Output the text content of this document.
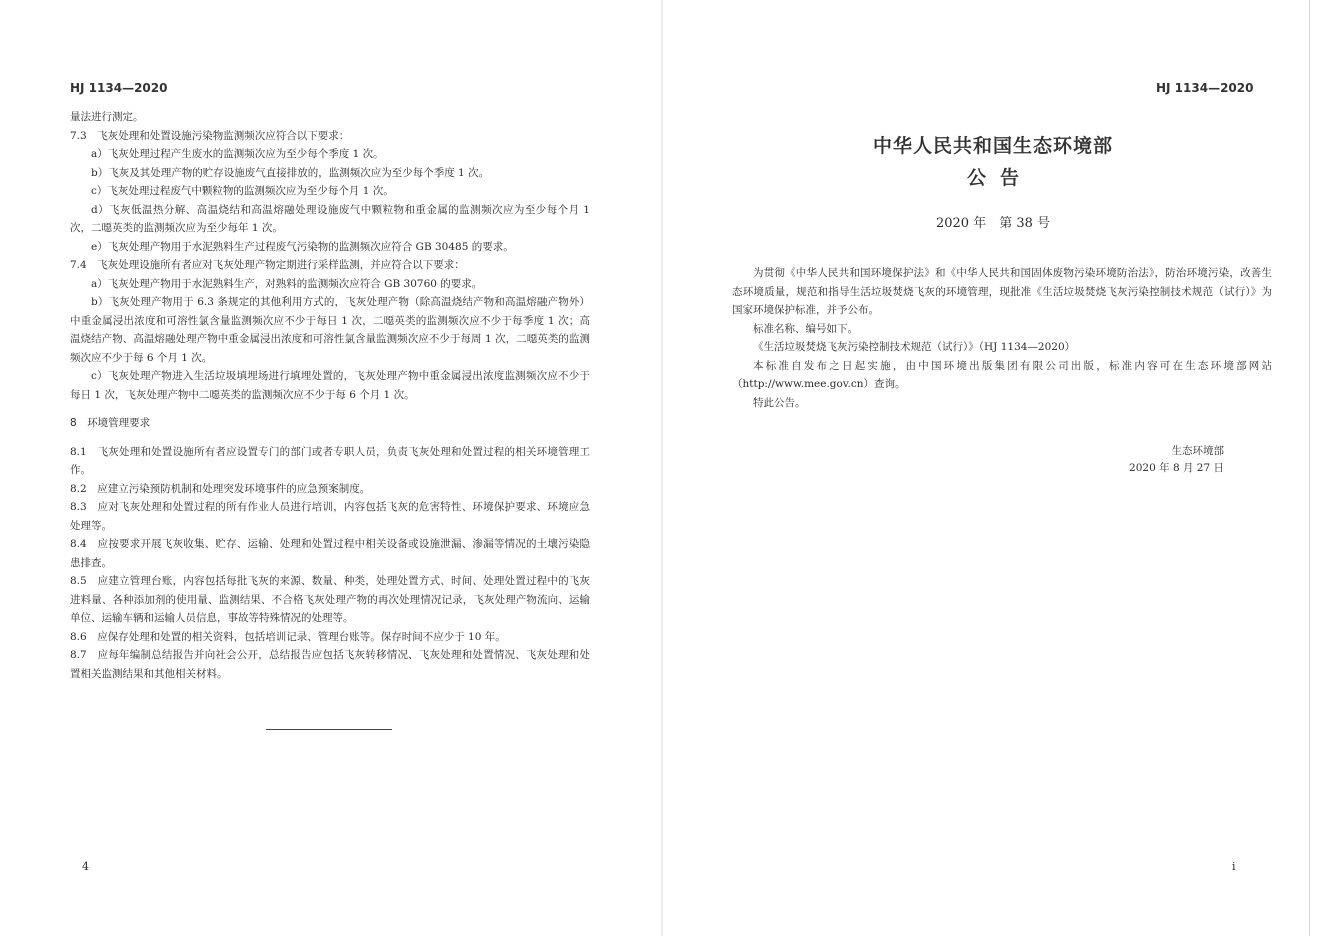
HJ 1134—2020

量法进行测定。

7.3　飞灰处理和处置设施污染物监测频次应符合以下要求：

a）飞灰处理过程产生废水的监测频次应为至少每个季度 1 次。

b）飞灰及其处理产物的贮存设施废气直接排放的，监测频次应为至少每个季度 1 次。

c）飞灰处理过程废气中颗粒物的监测频次应为至少每个月 1 次。

d）飞灰低温热分解、高温烧结和高温熔融处理设施废气中颗粒物和重金属的监测频次应为至少每个月 1 次，二噁英类的监测频次应为至少每年 1 次。

e）飞灰处理产物用于水泥熟料生产过程废气污染物的监测频次应符合 GB 30485 的要求。

7.4　飞灰处理设施所有者应对飞灰处理产物定期进行采样监测，并应符合以下要求：

a）飞灰处理产物用于水泥熟料生产，对熟料的监测频次应符合 GB 30760 的要求。

b）飞灰处理产物用于 6.3 条规定的其他利用方式的，飞灰处理产物（除高温烧结产物和高温熔融产物外）中重金属浸出浓度和可溶性氯含量监测频次应不少于每日 1 次，二噁英类的监测频次应不少于每季度 1 次；高温烧结产物、高温熔融处理产物中重金属浸出浓度和可溶性氯含量监测频次应不少于每周 1 次，二噁英类的监测频次应不少于每 6 个月 1 次。

c）飞灰处理产物进入生活垃圾填埋场进行填埋处置的，飞灰处理产物中重金属浸出浓度监测频次应不少于每日 1 次，飞灰处理产物中二噁英类的监测频次应不少于每 6 个月 1 次。

8　环境管理要求

8.1　飞灰处理和处置设施所有者应设置专门的部门或者专职人员，负责飞灰处理和处置过程的相关环境管理工作。

8.2　应建立污染预防机制和处理突发环境事件的应急预案制度。

8.3　应对飞灰处理和处置过程的所有作业人员进行培训，内容包括飞灰的危害特性、环境保护要求、环境应急处理等。

8.4　应按要求开展飞灰收集、贮存、运输、处理和处置过程中相关设备或设施泄漏、渗漏等情况的土壤污染隐患排查。

8.5　应建立管理台账，内容包括每批飞灰的来源、数量、种类，处理处置方式、时间、处理处置过程中的飞灰进料量、各种添加剂的使用量、监测结果、不合格飞灰处理产物的再次处理情况记录，飞灰处理产物流向、运输单位、运输车辆和运输人员信息，事故等特殊情况的处理等。

8.6　应保存处理和处置的相关资料，包括培训记录、管理台账等。保存时间不应少于 10 年。

8.7　应每年编制总结报告并向社会公开，总结报告应包括飞灰转移情况、飞灰处理和处置情况、飞灰处理和处置相关监测结果和其他相关材料。

4
HJ 1134—2020
中华人民共和国生态环境部
公告
2020 年　第 38 号

为贯彻《中华人民共和国环境保护法》和《中华人民共和国固体废物污染环境防治法》，防治环境污染，改善生态环境质量，规范和指导生活垃圾焚烧飞灰的环境管理，现批准《生活垃圾焚烧飞灰污染控制技术规范（试行）》为国家环境保护标准，并予公布。

标准名称、编号如下。

《生活垃圾焚烧飞灰污染控制技术规范（试行）》（HJ 1134—2020）

本标准自发布之日起实施，由中国环境出版集团有限公司出版，标准内容可在生态环境部网站（http://www.mee.gov.cn）查询。

特此公告。

生态环境部
2020 年 8 月 27 日
i
